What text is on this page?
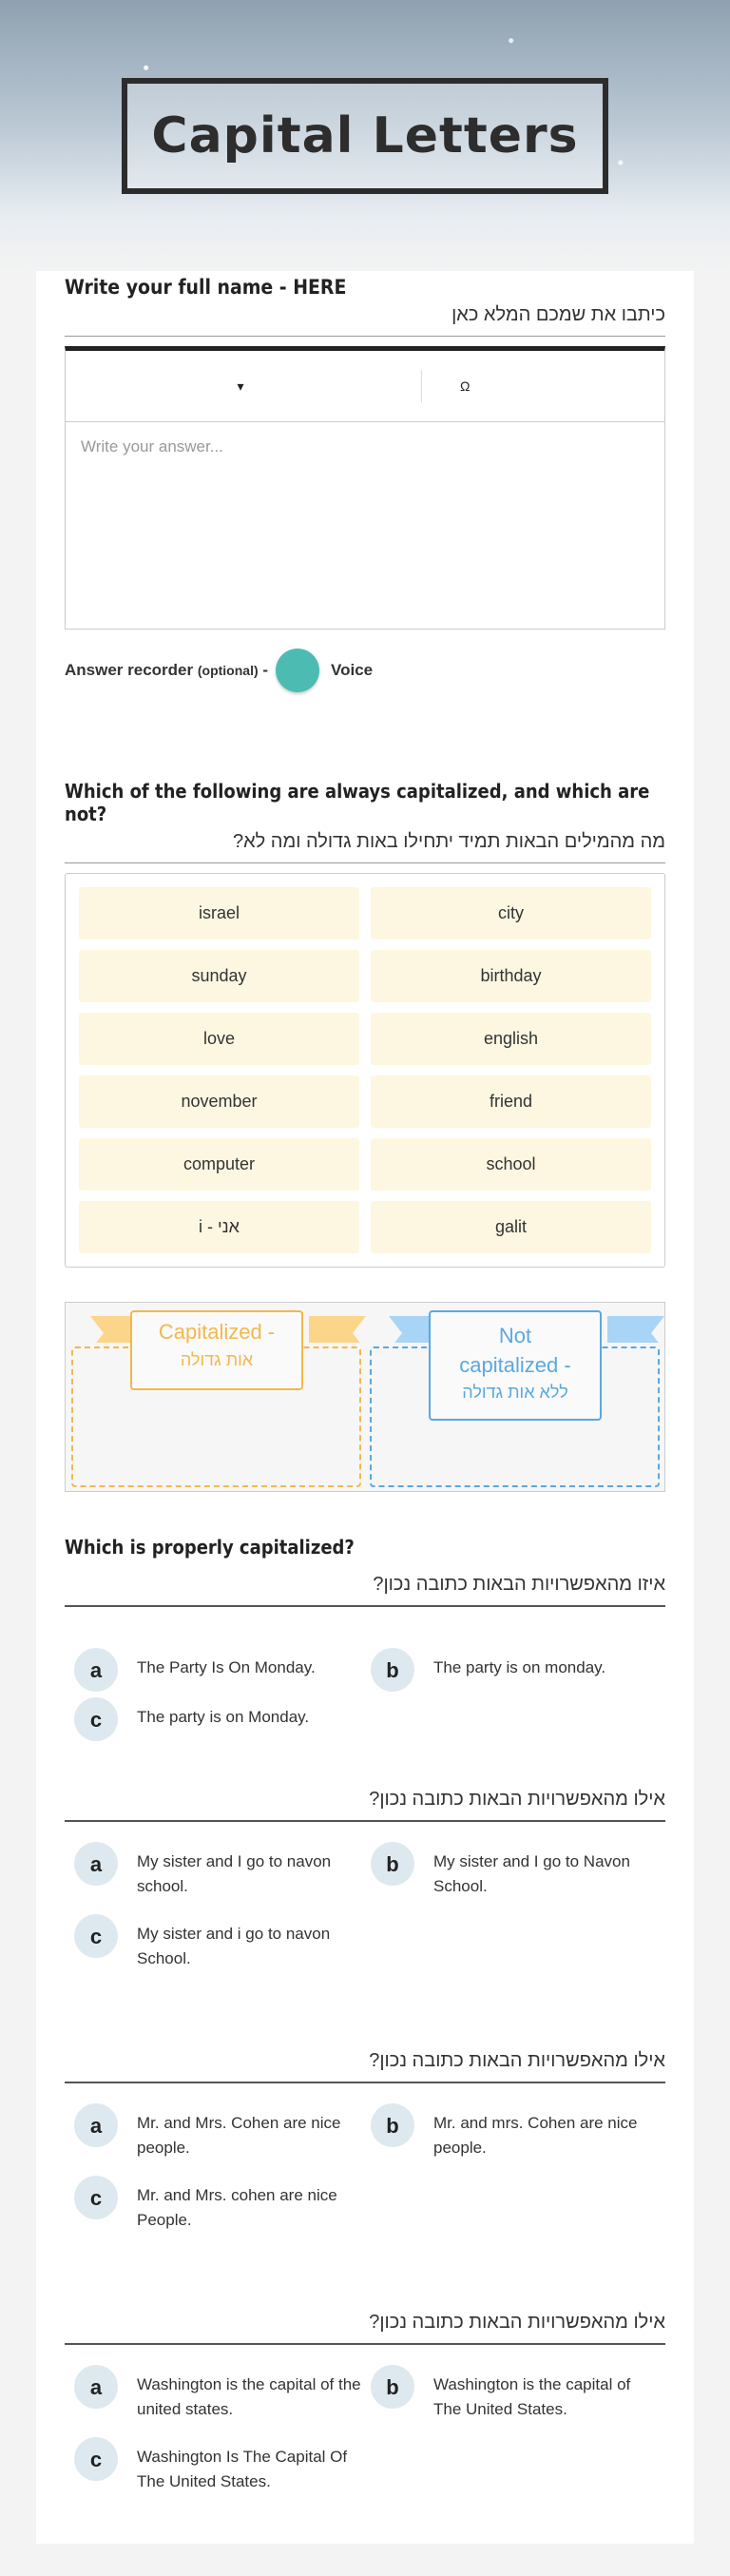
Capital Letters
Write your full name - HERE
כיתבו את שמכם המלא כאן
▾	Ω
Write your answer...
Answer recorder
(optional)
-	Voice
Which of the following are always capitalized, and which are not?
מה מהמילים הבאות תמיד יתחילו באות גדולה ומה לא?
israel	city
sunday	birthday
love	english
november	friend
computer	school
i - אני	galit
Capitalized -
אות גדולה
Not capitalized -
ללא אות גדולה
Which is properly capitalized?
איזו מהאפשרויות הבאות כתובה נכון?
a	The Party Is On Monday.	b	The party is on monday.
c	The party is on Monday.
אילו מהאפשרויות הבאות כתובה נכון?
a	My sister and I go to navon school.
b	My sister and I go to Navon School.
c	My sister and i go to navon School.
אילו מהאפשרויות הבאות כתובה נכון?
a	Mr. and Mrs. Cohen are nice people.
b	Mr. and mrs. Cohen are nice people.
c	Mr. and Mrs. cohen are nice People.
אילו מהאפשרויות הבאות כתובה נכון?
a	Washington is the capital of the united states.
b	Washington is the capital of The United States.
c	Washington Is The Capital Of The United States.
